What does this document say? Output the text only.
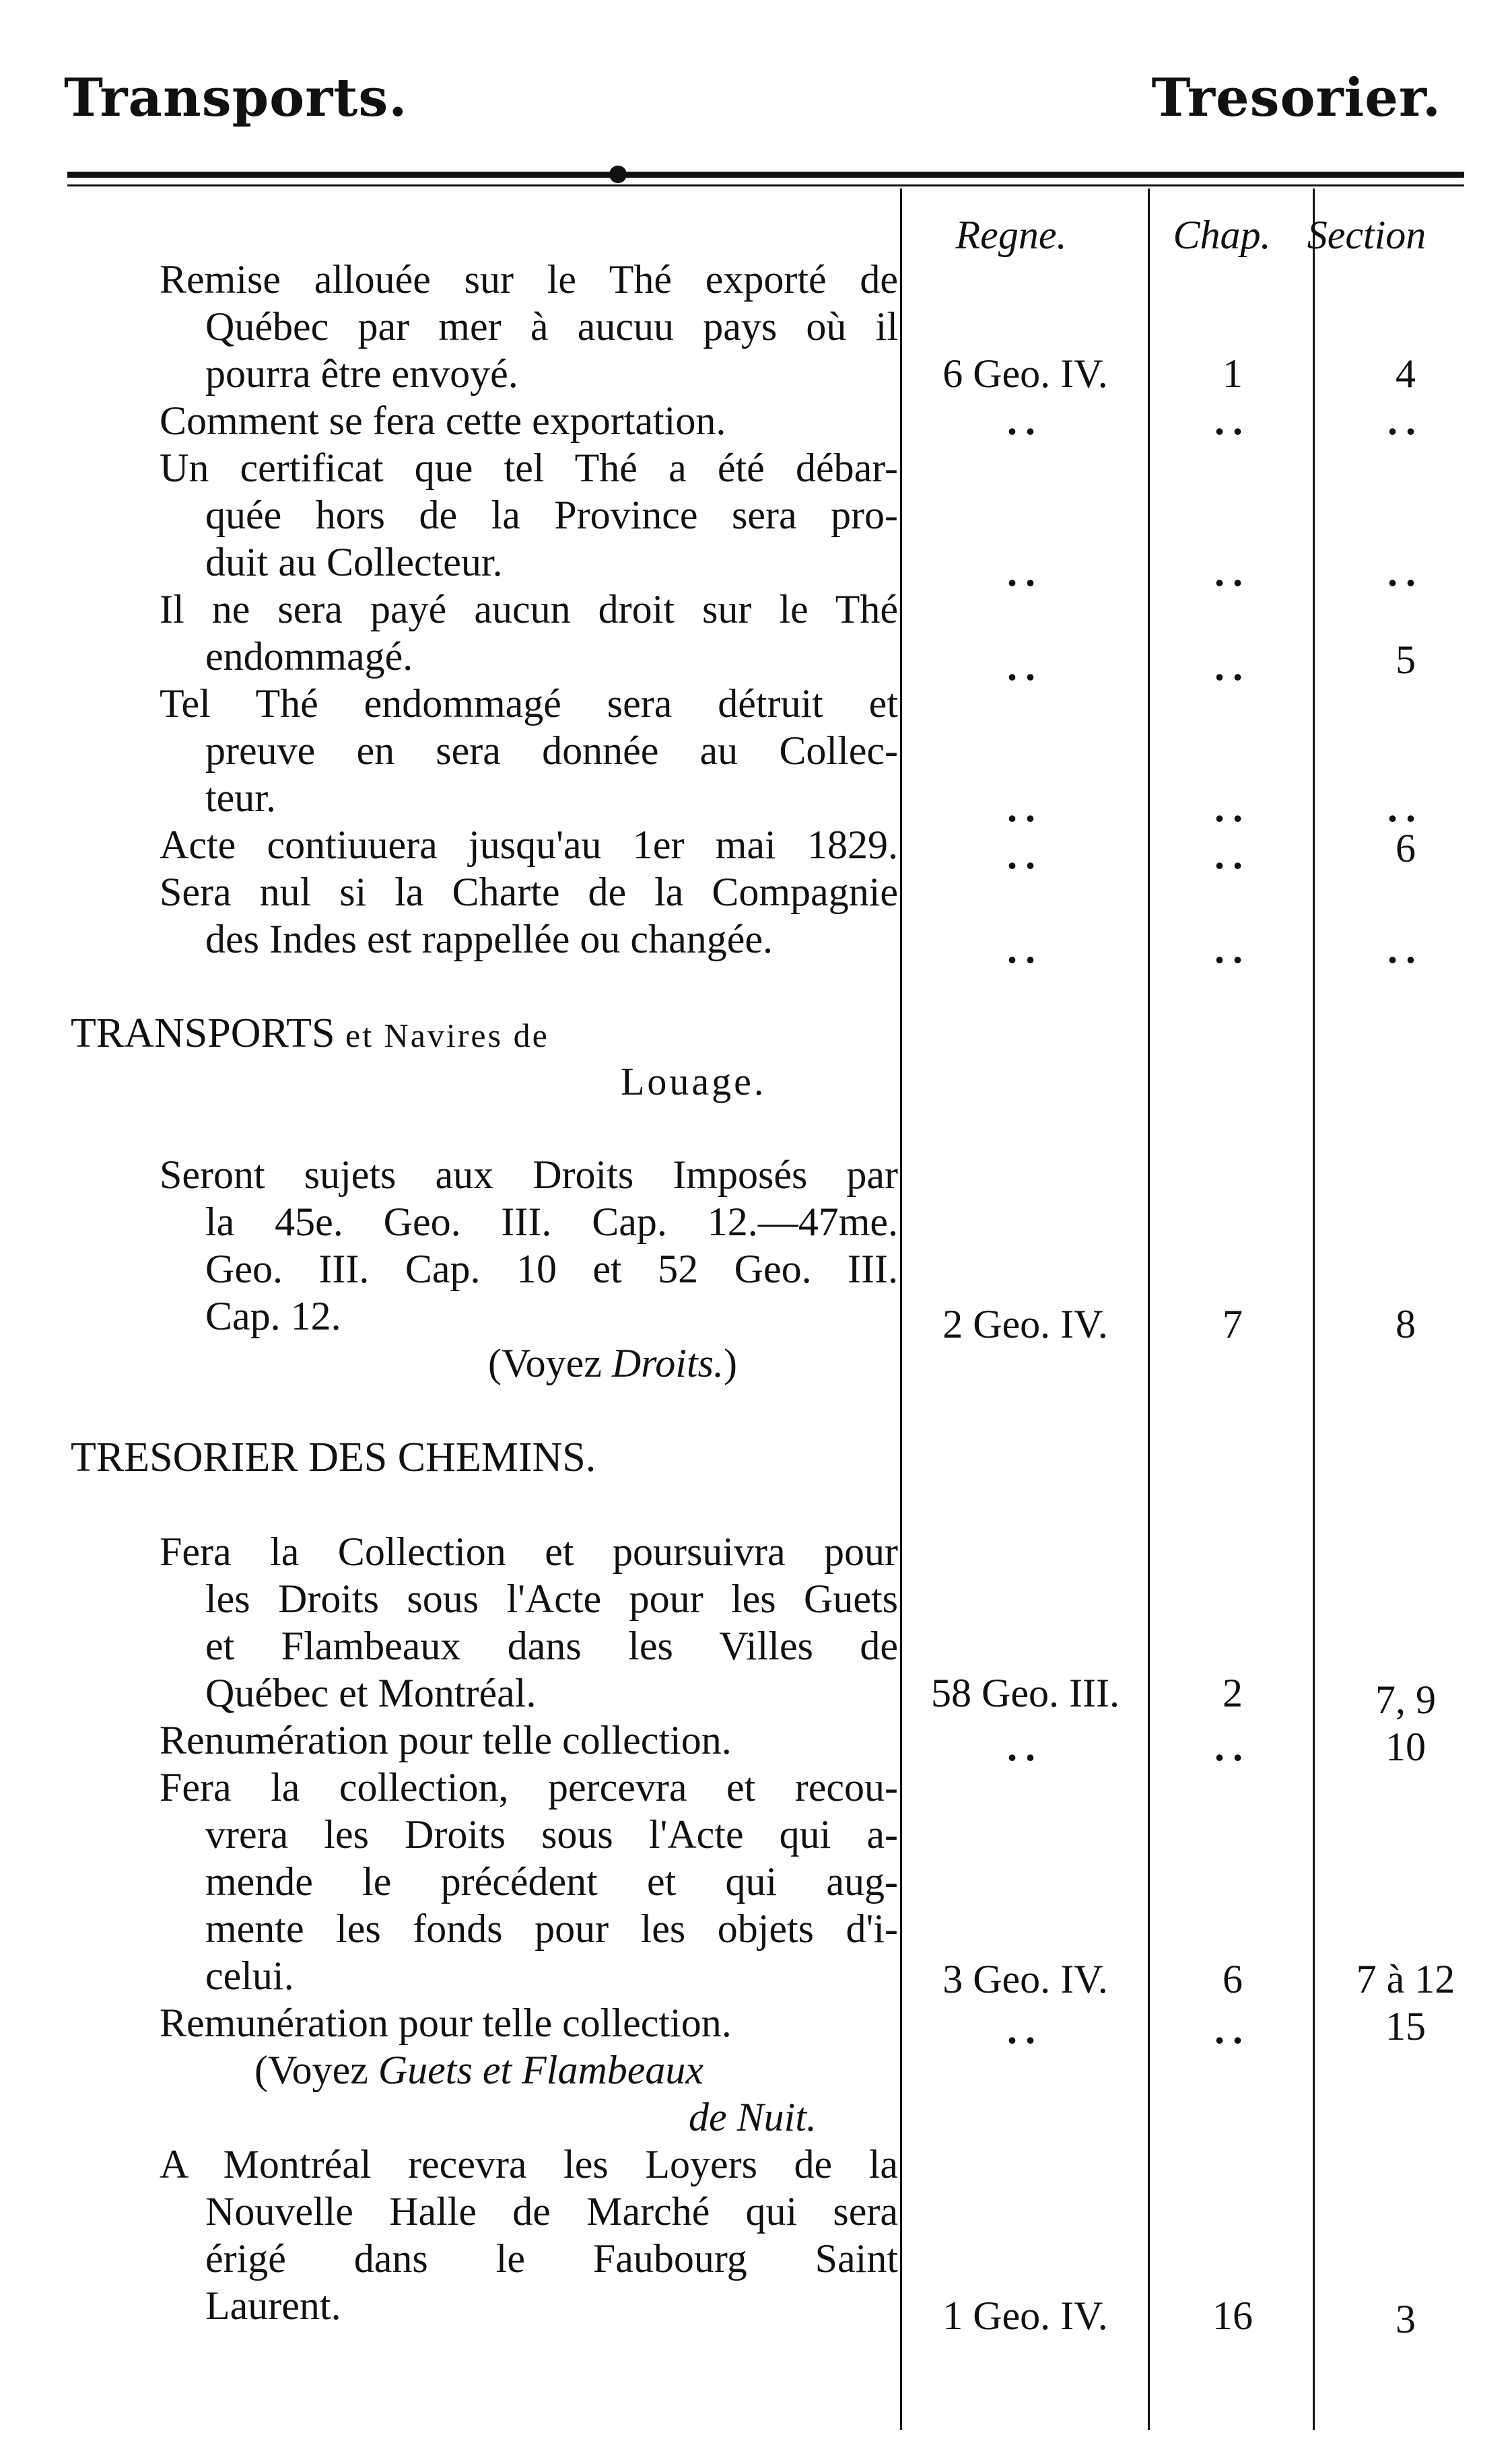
Transports.	Tresorier.
Regne.	Chap. Section
Remise allouée sur le Thé exporté de
Québec par mer à aucuu pays où il
pourra être envoyé.	6 Geo. IV.	1	4
Comment se fera cette exportation.	..	..	..
Un certificat que tel Thé a été débar-
quée hors de la Province sera pro-
duit au Collecteur.	..	..	..
Il ne sera payé aucun droit sur le Thé
endommagé.	..	..	5
Tel Thé endommagé sera détruit et
preuve en sera donnée au Collec-
teur.	..	..	..
Acte contiuuera jusqu'au 1er mai 1829.	..	..	6
Sera nul si la Charte de la Compagnie
des Indes est rappellée ou changée.	..	..	..
TRANSPORTS et Navires de
Louage.
Seront sujets aux Droits Imposés par
la 45e. Geo. III. Cap. 12.—47me.
Geo. III. Cap. 10 et 52 Geo. III.
Cap. 12.	2 Geo. IV.	7	8
(Voyez Droits.)
TRESORIER DES CHEMINS.
Fera la Collection et poursuivra pour
les Droits sous l'Acte pour les Guets
et Flambeaux dans les Villes de
Québec et Montréal.	58 Geo. III.	2	7, 9
Renumération pour telle collection.	..	..	10
Fera la collection, percevra et recou-
vrera les Droits sous l'Acte qui a-
mende le précédent et qui aug-
mente les fonds pour les objets d'i-
celui.	3 Geo. IV.	6	7 à 12
Remunération pour telle collection.	..	..	15
(Voyez Guets et Flambeaux
de Nuit.
A Montréal recevra les Loyers de la
Nouvelle Halle de Marché qui sera
érigé dans le Faubourg Saint
Laurent.	1 Geo. IV.	16	3
